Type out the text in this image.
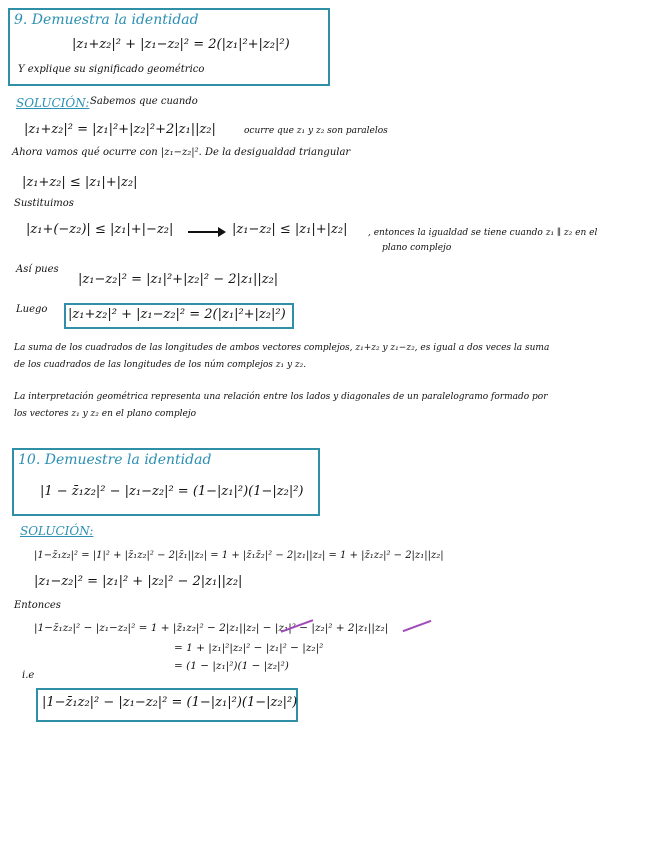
9. Demuestra la identidad
|z₁+z₂|² + |z₁−z₂|² = 2(|z₁|²+|z₂|²)
Y explique su significado geométrico
SOLUCIÓN: Sabemos que cuando
|z₁+z₂|² = |z₁|²+|z₂|²+2|z₁||z₂|	ocurre que z₁ y z₂ son paralelos
Ahora vamos qué ocurre con |z₁−z₂|². De la desigualdad triangular
|z₁+z₂| ≤ |z₁|+|z₂|
Sustituimos
|z₁+(−z₂)| ≤ |z₁|+|−z₂|	|z₁−z₂| ≤ |z₁|+|z₂| , entonces la igualdad se tiene cuando z₁ ∥ z₂ en el
plano complejo
Así pues
|z₁−z₂|² = |z₁|²+|z₂|² − 2|z₁||z₂|
Luego |z₁+z₂|² + |z₁−z₂|² = 2(|z₁|²+|z₂|²)
La suma de los cuadrados de las longitudes de ambos vectores complejos, z₁+z₂ y z₁−z₂, es igual a dos veces la suma
de los cuadrados de las longitudes de los núm complejos z₁ y z₂.
La interpretación geométrica representa una relación entre los lados y diagonales de un paralelogramo formado por
los vectores z₁ y z₂ en el plano complejo
10. Demuestre la identidad
|1 − z̄₁z₂|² − |z₁−z₂|² = (1−|z₁|²)(1−|z₂|²)
SOLUCIÓN:
|1−z̄₁z₂|² = |1|² + |z̄₁z₂|² − 2|z̄₁||z₂| = 1 + |z̄₁z̄₂|² − 2|z₁||z₂| = 1 + |z̄₁z₂|² − 2|z₁||z₂|
|z₁−z₂|² = |z₁|² + |z₂|² − 2|z₁||z₂|
Entonces
|1−z̄₁z₂|² − |z₁−z₂|² = 1 + |z̄₁z₂|² − 2|z₁||z₂| − |z₁|² − |z₂|² + 2|z₁||z₂|
= 1 + |z₁|²|z₂|² − |z₁|² − |z₂|²
= (1 − |z₁|²)(1 − |z₂|²)
i.e
|1−z̄₁z₂|² − |z₁−z₂|² = (1−|z₁|²)(1−|z₂|²)
